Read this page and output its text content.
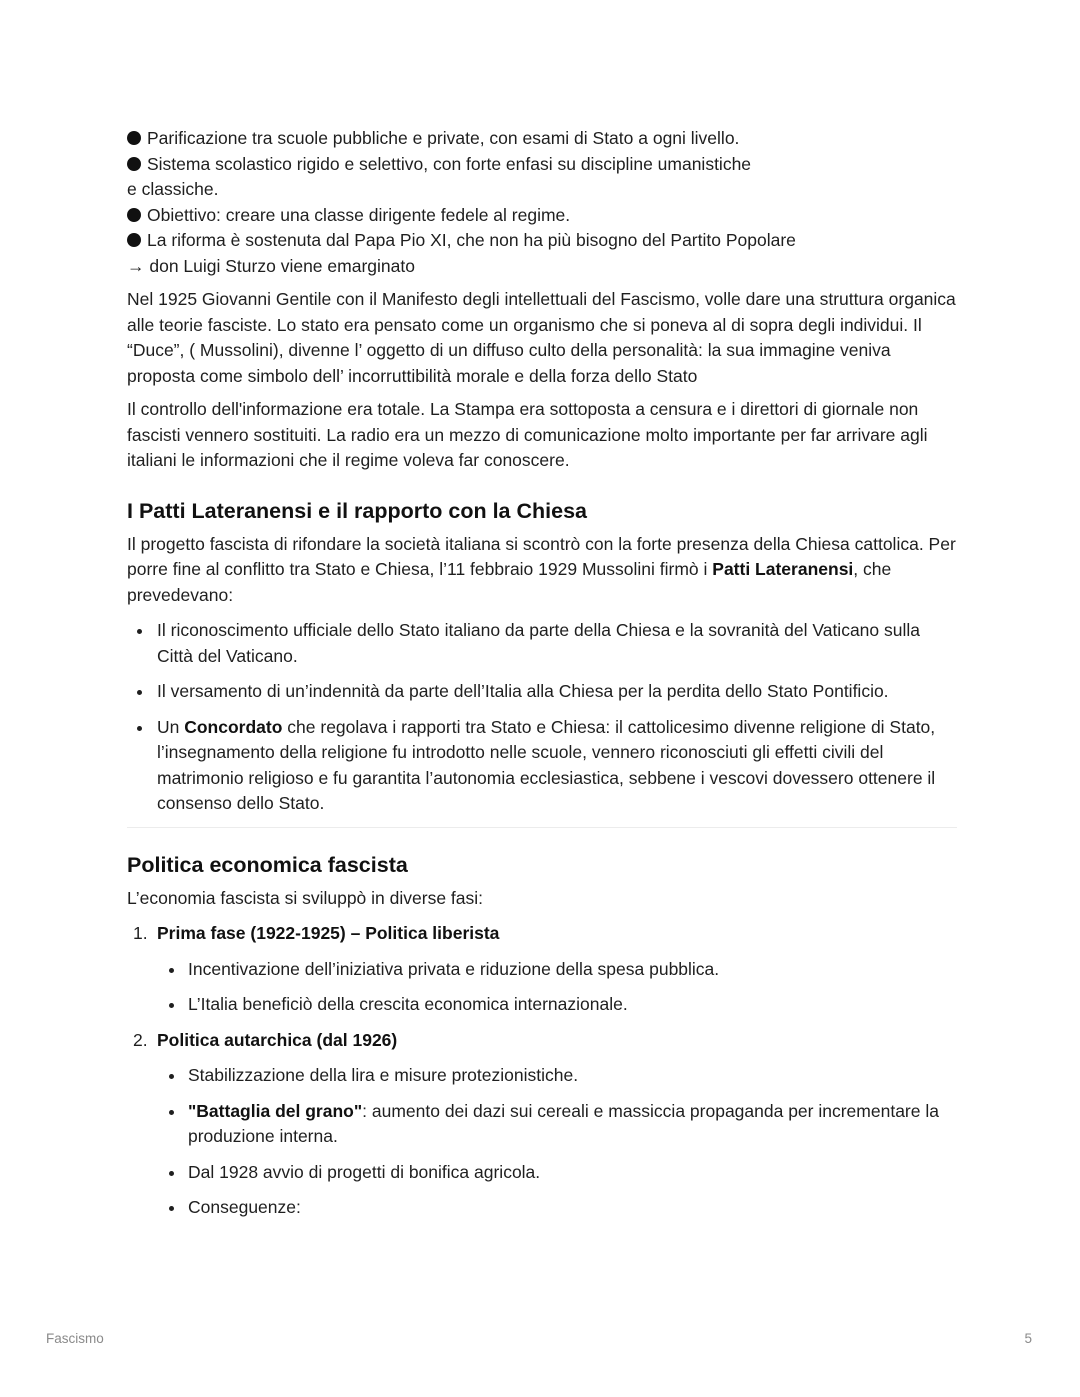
Parificazione tra scuole pubbliche e private, con esami di Stato a ogni livello.
Sistema scolastico rigido e selettivo, con forte enfasi su discipline umanistiche
e classiche.
Obiettivo: creare una classe dirigente fedele al regime.
La riforma è sostenuta dal Papa Pio XI, che non ha più bisogno del Partito Popolare
→ don Luigi Sturzo viene emarginato

Nel 1925 Giovanni Gentile con il Manifesto degli intellettuali del Fascismo, volle dare una struttura organica alle teorie fasciste. Lo stato era pensato come un organismo che si poneva al di sopra degli individui. Il “Duce”, ( Mussolini), divenne l’ oggetto di un diffuso culto della personalità: la sua immagine veniva proposta come simbolo dell’ incorruttibilità morale e della forza dello Stato

Il controllo dell'informazione era totale. La Stampa era sottoposta a censura e i direttori di giornale non fascisti vennero sostituiti. La radio era un mezzo di comunicazione molto importante per far arrivare agli italiani le informazioni che il regime voleva far conoscere.

I Patti Lateranensi e il rapporto con la Chiesa

Il progetto fascista di rifondare la società italiana si scontrò con la forte presenza della Chiesa cattolica. Per porre fine al conflitto tra Stato e Chiesa, l’11 febbraio 1929 Mussolini firmò i Patti Lateranensi, che prevedevano:

Il riconoscimento ufficiale dello Stato italiano da parte della Chiesa e la sovranità del Vaticano sulla Città del Vaticano.
Il versamento di un’indennità da parte dell’Italia alla Chiesa per la perdita dello Stato Pontificio.
Un Concordato che regolava i rapporti tra Stato e Chiesa: il cattolicesimo divenne religione di Stato, l’insegnamento della religione fu introdotto nelle scuole, vennero riconosciuti gli effetti civili del matrimonio religioso e fu garantita l’autonomia ecclesiastica, sebbene i vescovi dovessero ottenere il consenso dello Stato.
Politica economica fascista

L’economia fascista si sviluppò in diverse fasi:

1. Prima fase (1922-1925) – Politica liberista
Incentivazione dell’iniziativa privata e riduzione della spesa pubblica.
L’Italia beneficiò della crescita economica internazionale.
2. Politica autarchica (dal 1926)
Stabilizzazione della lira e misure protezionistiche.
"Battaglia del grano": aumento dei dazi sui cereali e massiccia propaganda per incrementare la produzione interna.
Dal 1928 avvio di progetti di bonifica agricola.
Conseguenze:
Fascismo	5
